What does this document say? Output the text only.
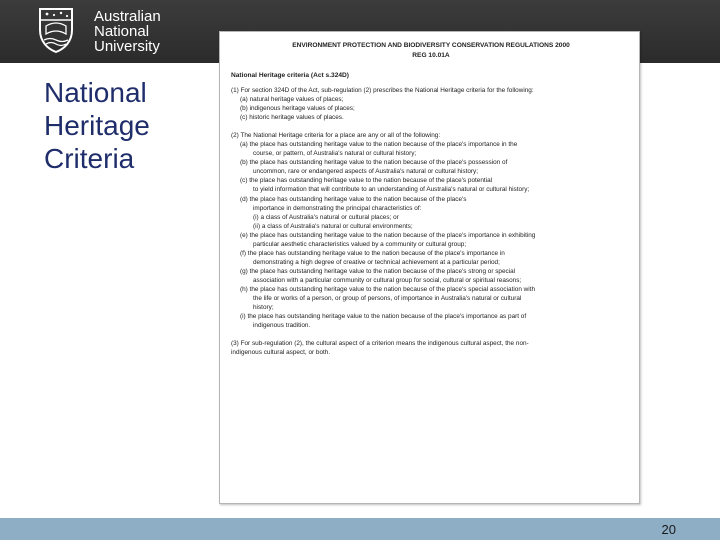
Australian
National
University
National
Heritage
Criteria
ENVIRONMENT PROTECTION AND BIODIVERSITY CONSERVATION REGULATIONS 2000
REG 10.01A
National Heritage criteria (Act s.324D)
(1) For section 324D of the Act, sub-regulation (2) prescribes the National Heritage criteria for the following:
(a) natural heritage values of places;
(b) indigenous heritage values of places;
(c) historic heritage values of places.
(2) The National Heritage criteria for a place are any or all of the following:
(a) the place has outstanding heritage value to the nation because of the place's importance in the
course, or pattern, of Australia's natural or cultural history;
(b) the place has outstanding heritage value to the nation because of the place's possession of
uncommon, rare or endangered aspects of Australia's natural or cultural history;
(c) the place has outstanding heritage value to the nation because of the place's potential
to yield information that will contribute to an understanding of Australia's natural or cultural history;
(d) the place has outstanding heritage value to the nation because of the place's
importance in demonstrating the principal characteristics of:
(i) a class of Australia's natural or cultural places; or
(ii) a class of Australia's natural or cultural environments;
(e) the place has outstanding heritage value to the nation because of the place's importance in exhibiting
particular aesthetic characteristics valued by a community or cultural group;
(f) the place has outstanding heritage value to the nation because of the place's importance in
demonstrating a high degree of creative or technical achievement at a particular period;
(g) the place has outstanding heritage value to the nation because of the place's strong or special
association with a particular community or cultural group for social, cultural or spiritual reasons;
(h) the place has outstanding heritage value to the nation because of the place's special association with
the life or works of a person, or group of persons, of importance in Australia's natural or cultural
history;
(i) the place has outstanding heritage value to the nation because of the place's importance as part of
indigenous tradition.
(3) For sub-regulation (2), the cultural aspect of a criterion means the indigenous cultural aspect, the non-
indigenous cultural aspect, or both.
20
